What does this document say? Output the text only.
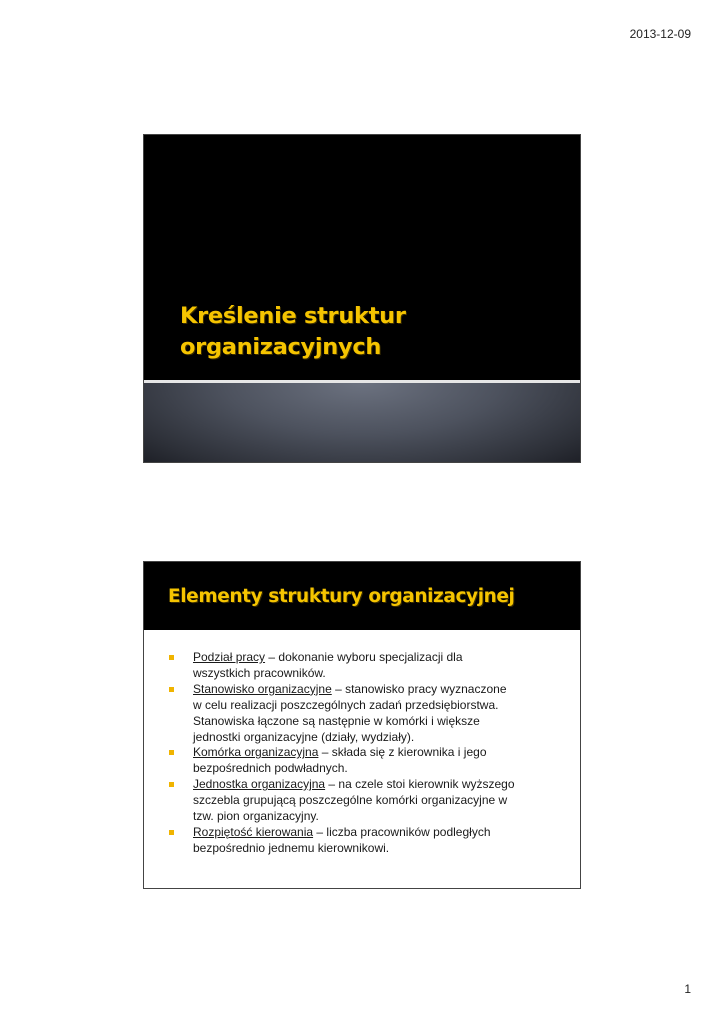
2013-12-09
Kreślenie struktur
organizacyjnych
Elementy struktury organizacyjnej
Podział pracy – dokonanie wyboru specjalizacji dla
wszystkich pracowników.
Stanowisko organizacyjne – stanowisko pracy wyznaczone
w celu realizacji poszczególnych zadań przedsiębiorstwa.
Stanowiska łączone są następnie w komórki i większe
jednostki organizacyjne (działy, wydziały).
Komórka organizacyjna – składa się z kierownika i jego
bezpośrednich podwładnych.
Jednostka organizacyjna – na czele stoi kierownik wyższego
szczebla grupującą poszczególne komórki organizacyjne w
tzw. pion organizacyjny.
Rozpiętość kierowania – liczba pracowników podległych
bezpośrednio jednemu kierownikowi.
1
